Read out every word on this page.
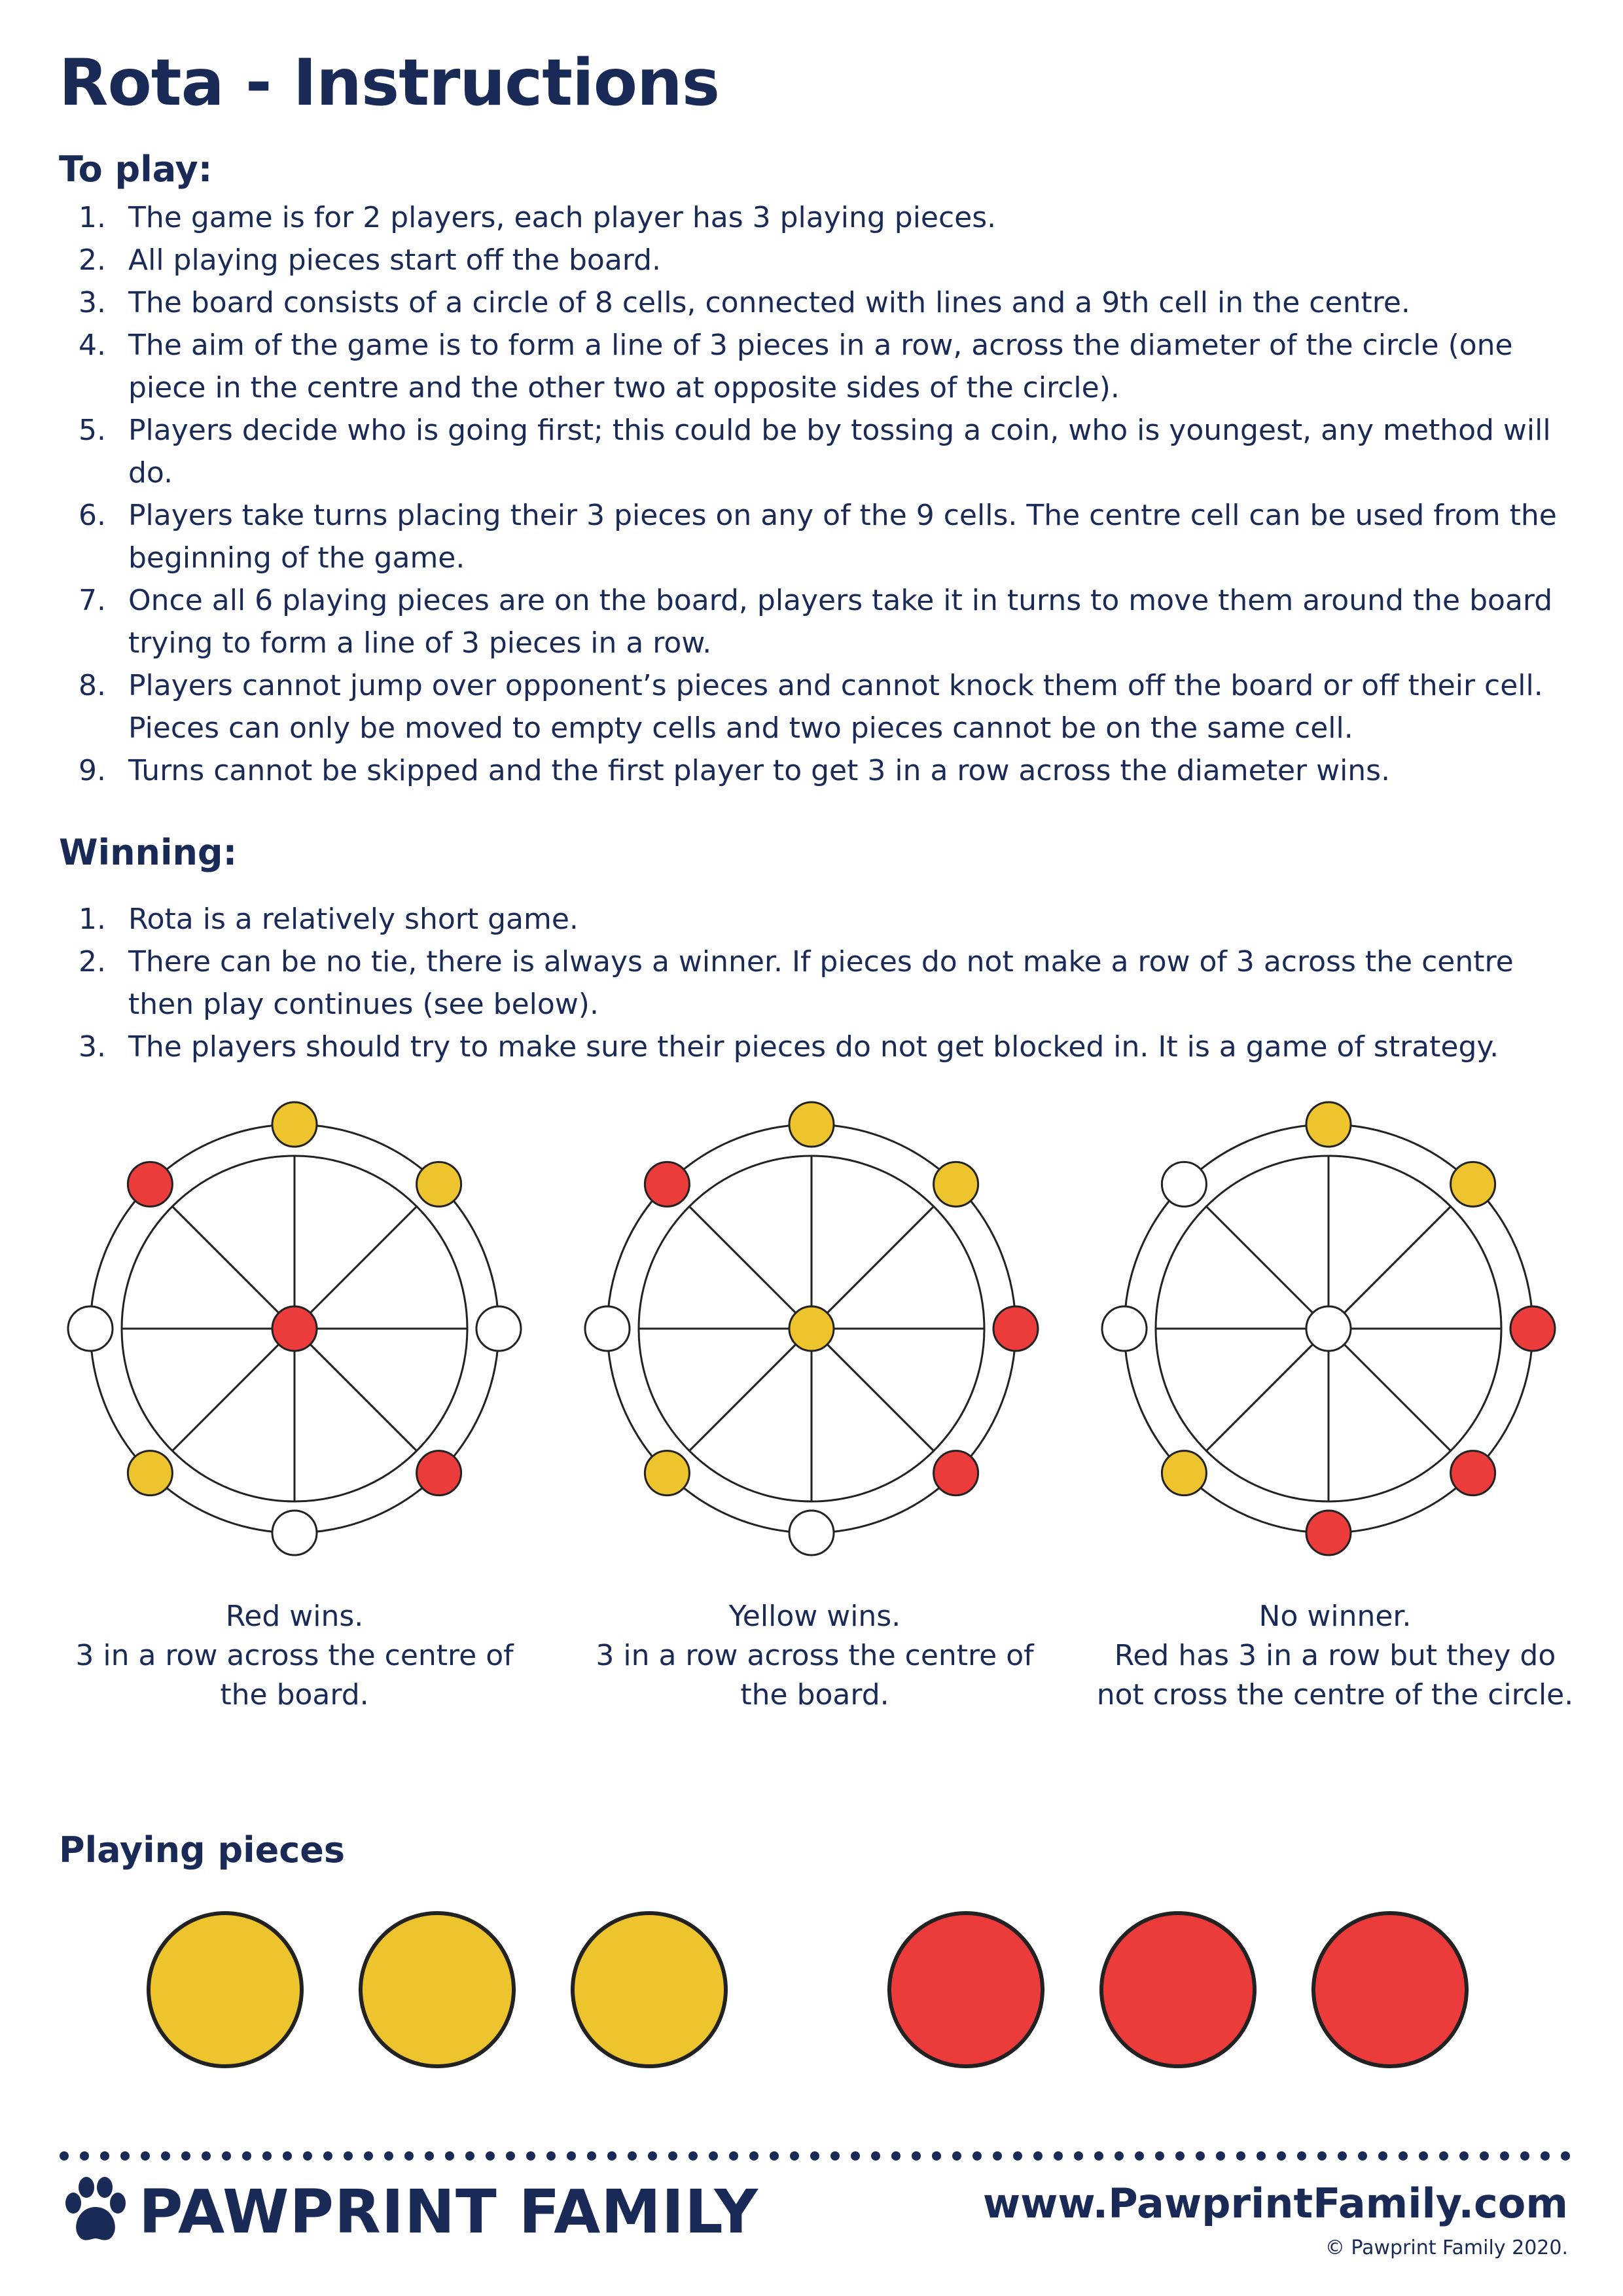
Rota - Instructions
To play:
1. The game is for 2 players, each player has 3 playing pieces.
2. All playing pieces start off the board.
3. The board consists of a circle of 8 cells, connected with lines and a 9th cell in the centre.
4. The aim of the game is to form a line of 3 pieces in a row, across the diameter of the circle (one piece in the centre and the other two at opposite sides of the circle).
5. Players decide who is going first; this could be by tossing a coin, who is youngest, any method will do.
6. Players take turns placing their 3 pieces on any of the 9 cells. The centre cell can be used from the beginning of the game.
7. Once all 6 playing pieces are on the board, players take it in turns to move them around the board trying to form a line of 3 pieces in a row.
8. Players cannot jump over opponent’s pieces and cannot knock them off the board or off their cell. Pieces can only be moved to empty cells and two pieces cannot be on the same cell.
9. Turns cannot be skipped and the first player to get 3 in a row across the diameter wins.
Winning:
1. Rota is a relatively short game.
2. There can be no tie, there is always a winner. If pieces do not make a row of 3 across the centre then play continues (see below).
3. The players should try to make sure their pieces do not get blocked in. It is a game of strategy.
Red wins.
3 in a row across the centre of
the board.
Yellow wins.
3 in a row across the centre of
the board.
No winner.
Red has 3 in a row but they do
not cross the centre of the circle.
Playing pieces
PAWPRINT FAMILY	www.PawprintFamily.com
© Pawprint Family 2020.
